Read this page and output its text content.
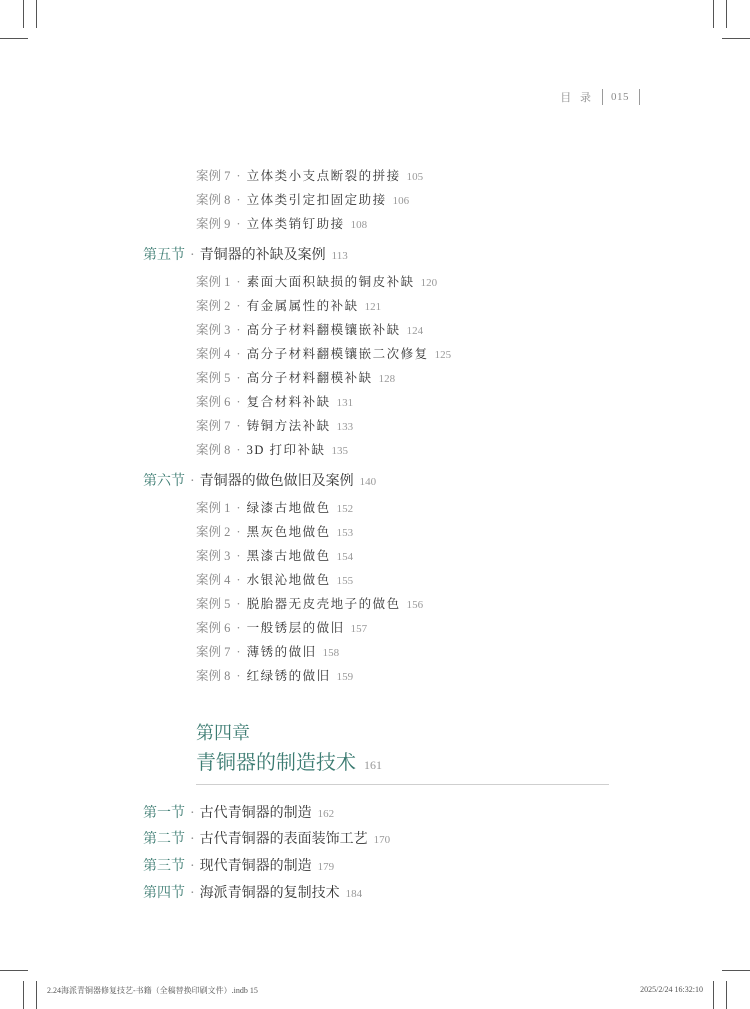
目 录 015
案例 7 · 立体类小支点断裂的拼接 105
案例 8 · 立体类引定扣固定助接 106
案例 9 · 立体类销钉助接 108
第五节 · 青铜器的补缺及案例 113
案例 1 · 素面大面积缺损的铜皮补缺 120
案例 2 · 有金属属性的补缺 121
案例 3 · 高分子材料翻模镶嵌补缺 124
案例 4 · 高分子材料翻模镶嵌二次修复 125
案例 5 · 高分子材料翻模补缺 128
案例 6 · 复合材料补缺 131
案例 7 · 铸铜方法补缺 133
案例 8 · 3D 打印补缺 135
第六节 · 青铜器的做色做旧及案例 140
案例 1 · 绿漆古地做色 152
案例 2 · 黑灰色地做色 153
案例 3 · 黑漆古地做色 154
案例 4 · 水银沁地做色 155
案例 5 · 脱胎器无皮壳地子的做色 156
案例 6 · 一般锈层的做旧 157
案例 7 · 薄锈的做旧 158
案例 8 · 红绿锈的做旧 159
第四章
青铜器的制造技术 161
第一节 · 古代青铜器的制造 162
第二节 · 古代青铜器的表面装饰工艺 170
第三节 · 现代青铜器的制造 179
第四节 · 海派青铜器的复制技术 184
2.24海派青铜器修复技艺-书籍（全稿替换印刷文件）.indb 15	2025/2/24 16:32:10
